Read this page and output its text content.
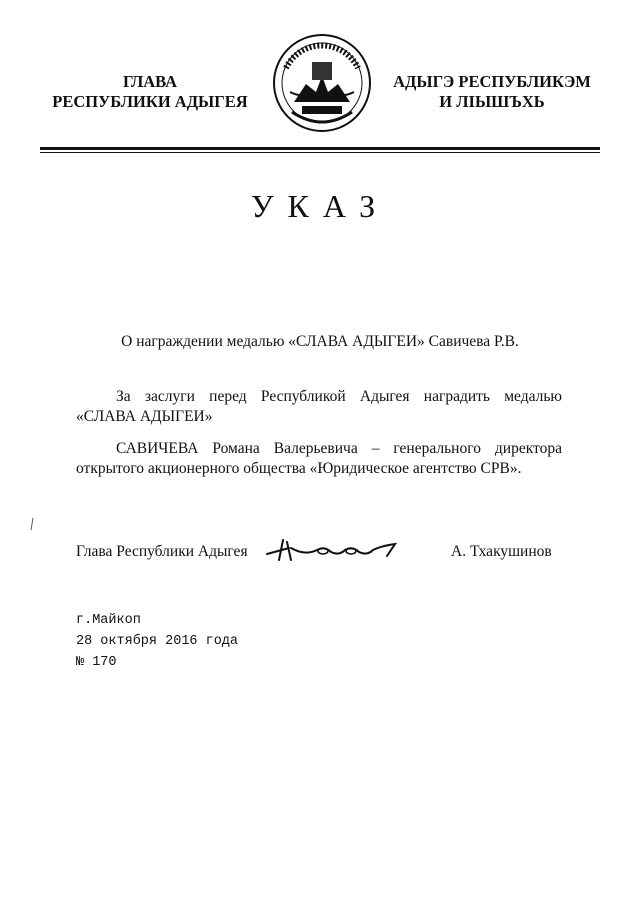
ГЛАВА
РЕСПУБЛИКИ АДЫГЕЯ
АДЫГЭ РЕСПУБЛИКЭМ
И ЛІЫШЪХЬ
УКАЗ
О награждении медалью «СЛАВА АДЫГЕИ» Савичева Р.В.
За заслуги перед Республикой Адыгея наградить медалью «СЛАВА АДЫГЕИ»
САВИЧЕВА Романа Валерьевича – генерального директора открытого акционерного общества «Юридическое агентство СРВ».
Глава Республики Адыгея	А. Тхакушинов
г.Майкоп
28 октября 2016 года
№ 170
